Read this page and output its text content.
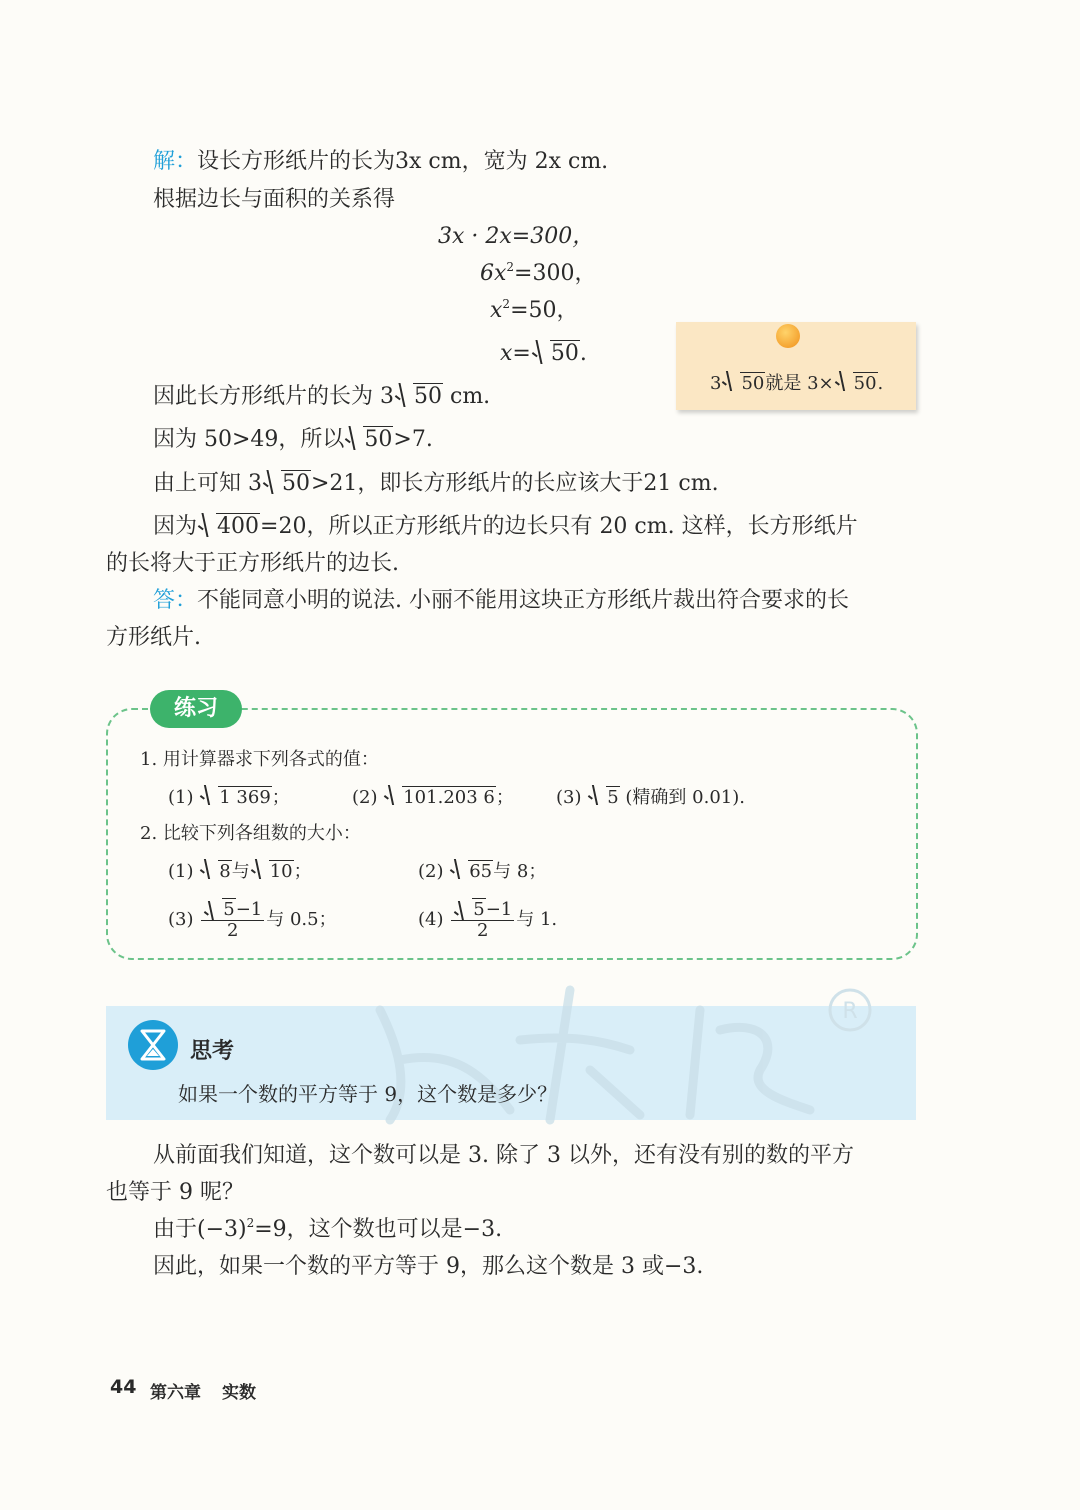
解：设长方形纸片的长为3x cm，宽为 2x cm.
根据边长与面积的关系得
3x · 2x=300，
$6x^2=300$，
$x^2=50$，
x= 50.
因此长方形纸片的长为 3 50 cm.
因为 50>49，所以 50>7.
由上可知 3 50>21，即长方形纸片的长应该大于21 cm.
因为 400=20，所以正方形纸片的边长只有 20 cm. 这样，长方形纸片
的长将大于正方形纸片的边长.
答：不能同意小明的说法. 小丽不能用这块正方形纸片裁出符合要求的长
方形纸片.
3 50就是 3× 50.
练习
1. 用计算器求下列各式的值：
(1) 1 369；	(2) 101.203 6； (3) 5 (精确到 0.01).
2. 比较下列各组数的大小：
(1) 8与 10；	(2) 65与 8；
$(3) \frac{5-1}{2}$ 与 0.5；	$(4) \frac{5-1}{2}$ 与 1.
R
思考
如果一个数的平方等于 9，这个数是多少？
从前面我们知道，这个数可以是 3. 除了 3 以外，还有没有别的数的平方
也等于 9 呢？
由于$(-3)^2=9$，这个数也可以是−3.
因此，如果一个数的平方等于 9，那么这个数是 3 或−3.
44 第六章 实数
